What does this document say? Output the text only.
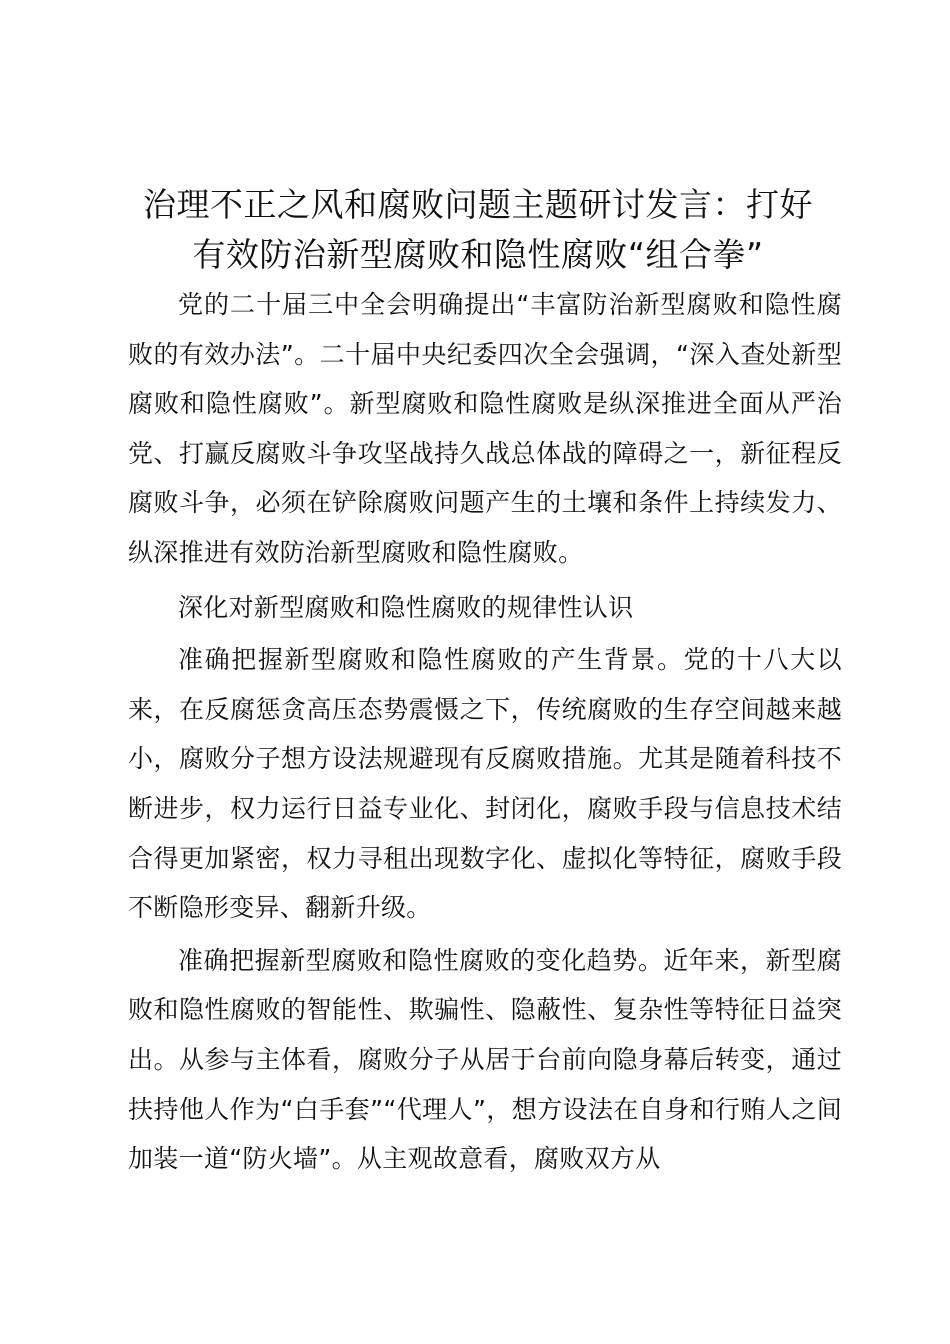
治理不正之风和腐败问题主题研讨发言：打好
有效防治新型腐败和隐性腐败“组合拳”

党的二十届三中全会明确提出“丰富防治新型腐败和隐性腐败的有效办法”。二十届中央纪委四次全会强调，“深入查处新型腐败和隐性腐败”。新型腐败和隐性腐败是纵深推进全面从严治党、打赢反腐败斗争攻坚战持久战总体战的障碍之一，新征程反腐败斗争，必须在铲除腐败问题产生的土壤和条件上持续发力、纵深推进有效防治新型腐败和隐性腐败。

深化对新型腐败和隐性腐败的规律性认识

准确把握新型腐败和隐性腐败的产生背景。党的十八大以来，在反腐惩贪高压态势震慑之下，传统腐败的生存空间越来越小，腐败分子想方设法规避现有反腐败措施。尤其是随着科技不断进步，权力运行日益专业化、封闭化，腐败手段与信息技术结合得更加紧密，权力寻租出现数字化、虚拟化等特征，腐败手段不断隐形变异、翻新升级。

准确把握新型腐败和隐性腐败的变化趋势。近年来，新型腐败和隐性腐败的智能性、欺骗性、隐蔽性、复杂性等特征日益突出。从参与主体看，腐败分子从居于台前向隐身幕后转变，通过扶持他人作为“白手套”“代理人”，想方设法在自身和行贿人之间加装一道“防火墙”。从主观故意看，腐败双方从
